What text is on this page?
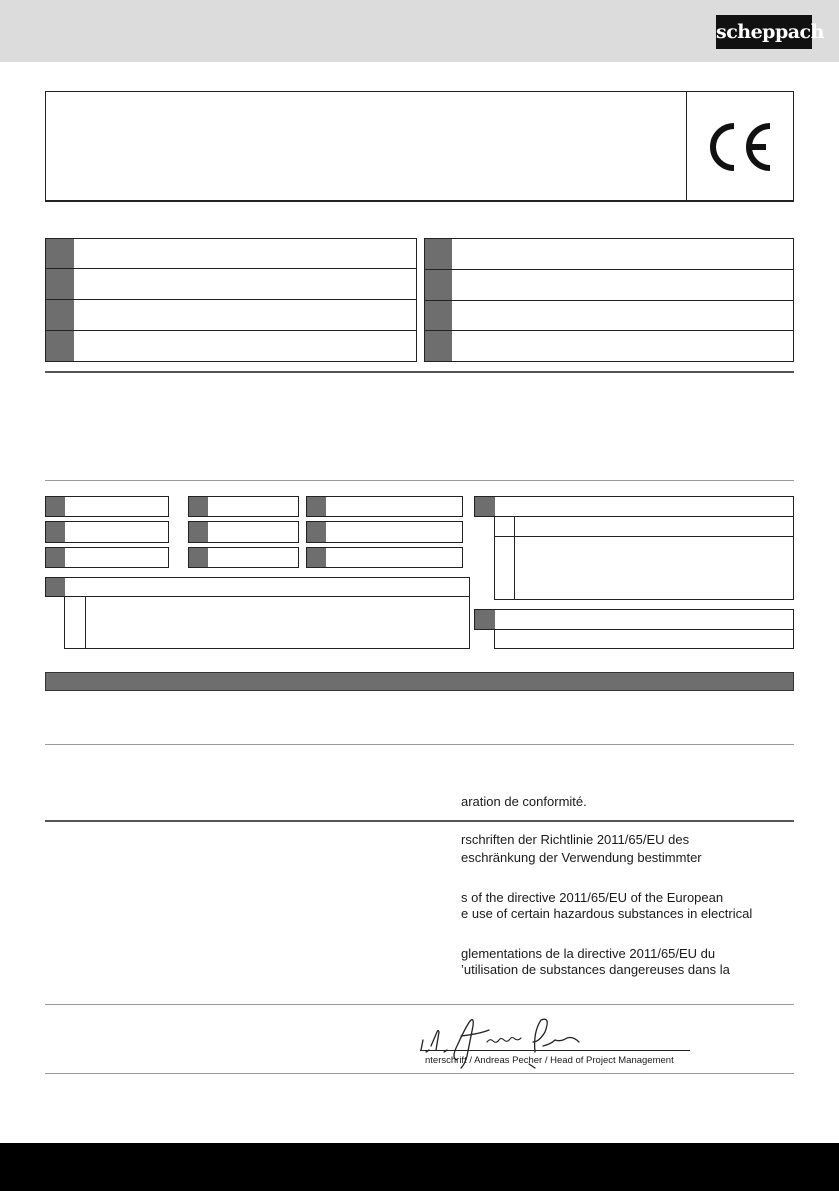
scheppach
aration de conformité.
rschriften der Richtlinie 2011/65/EU des
eschränkung der Verwendung bestimmter
s of the directive 2011/65/EU of the European
e use of certain hazardous substances in electrical
glementations de la directive 2011/65/EU du
’utilisation de substances dangereuses dans la
nterschrift / Andreas Pecher / Head of Project Management
